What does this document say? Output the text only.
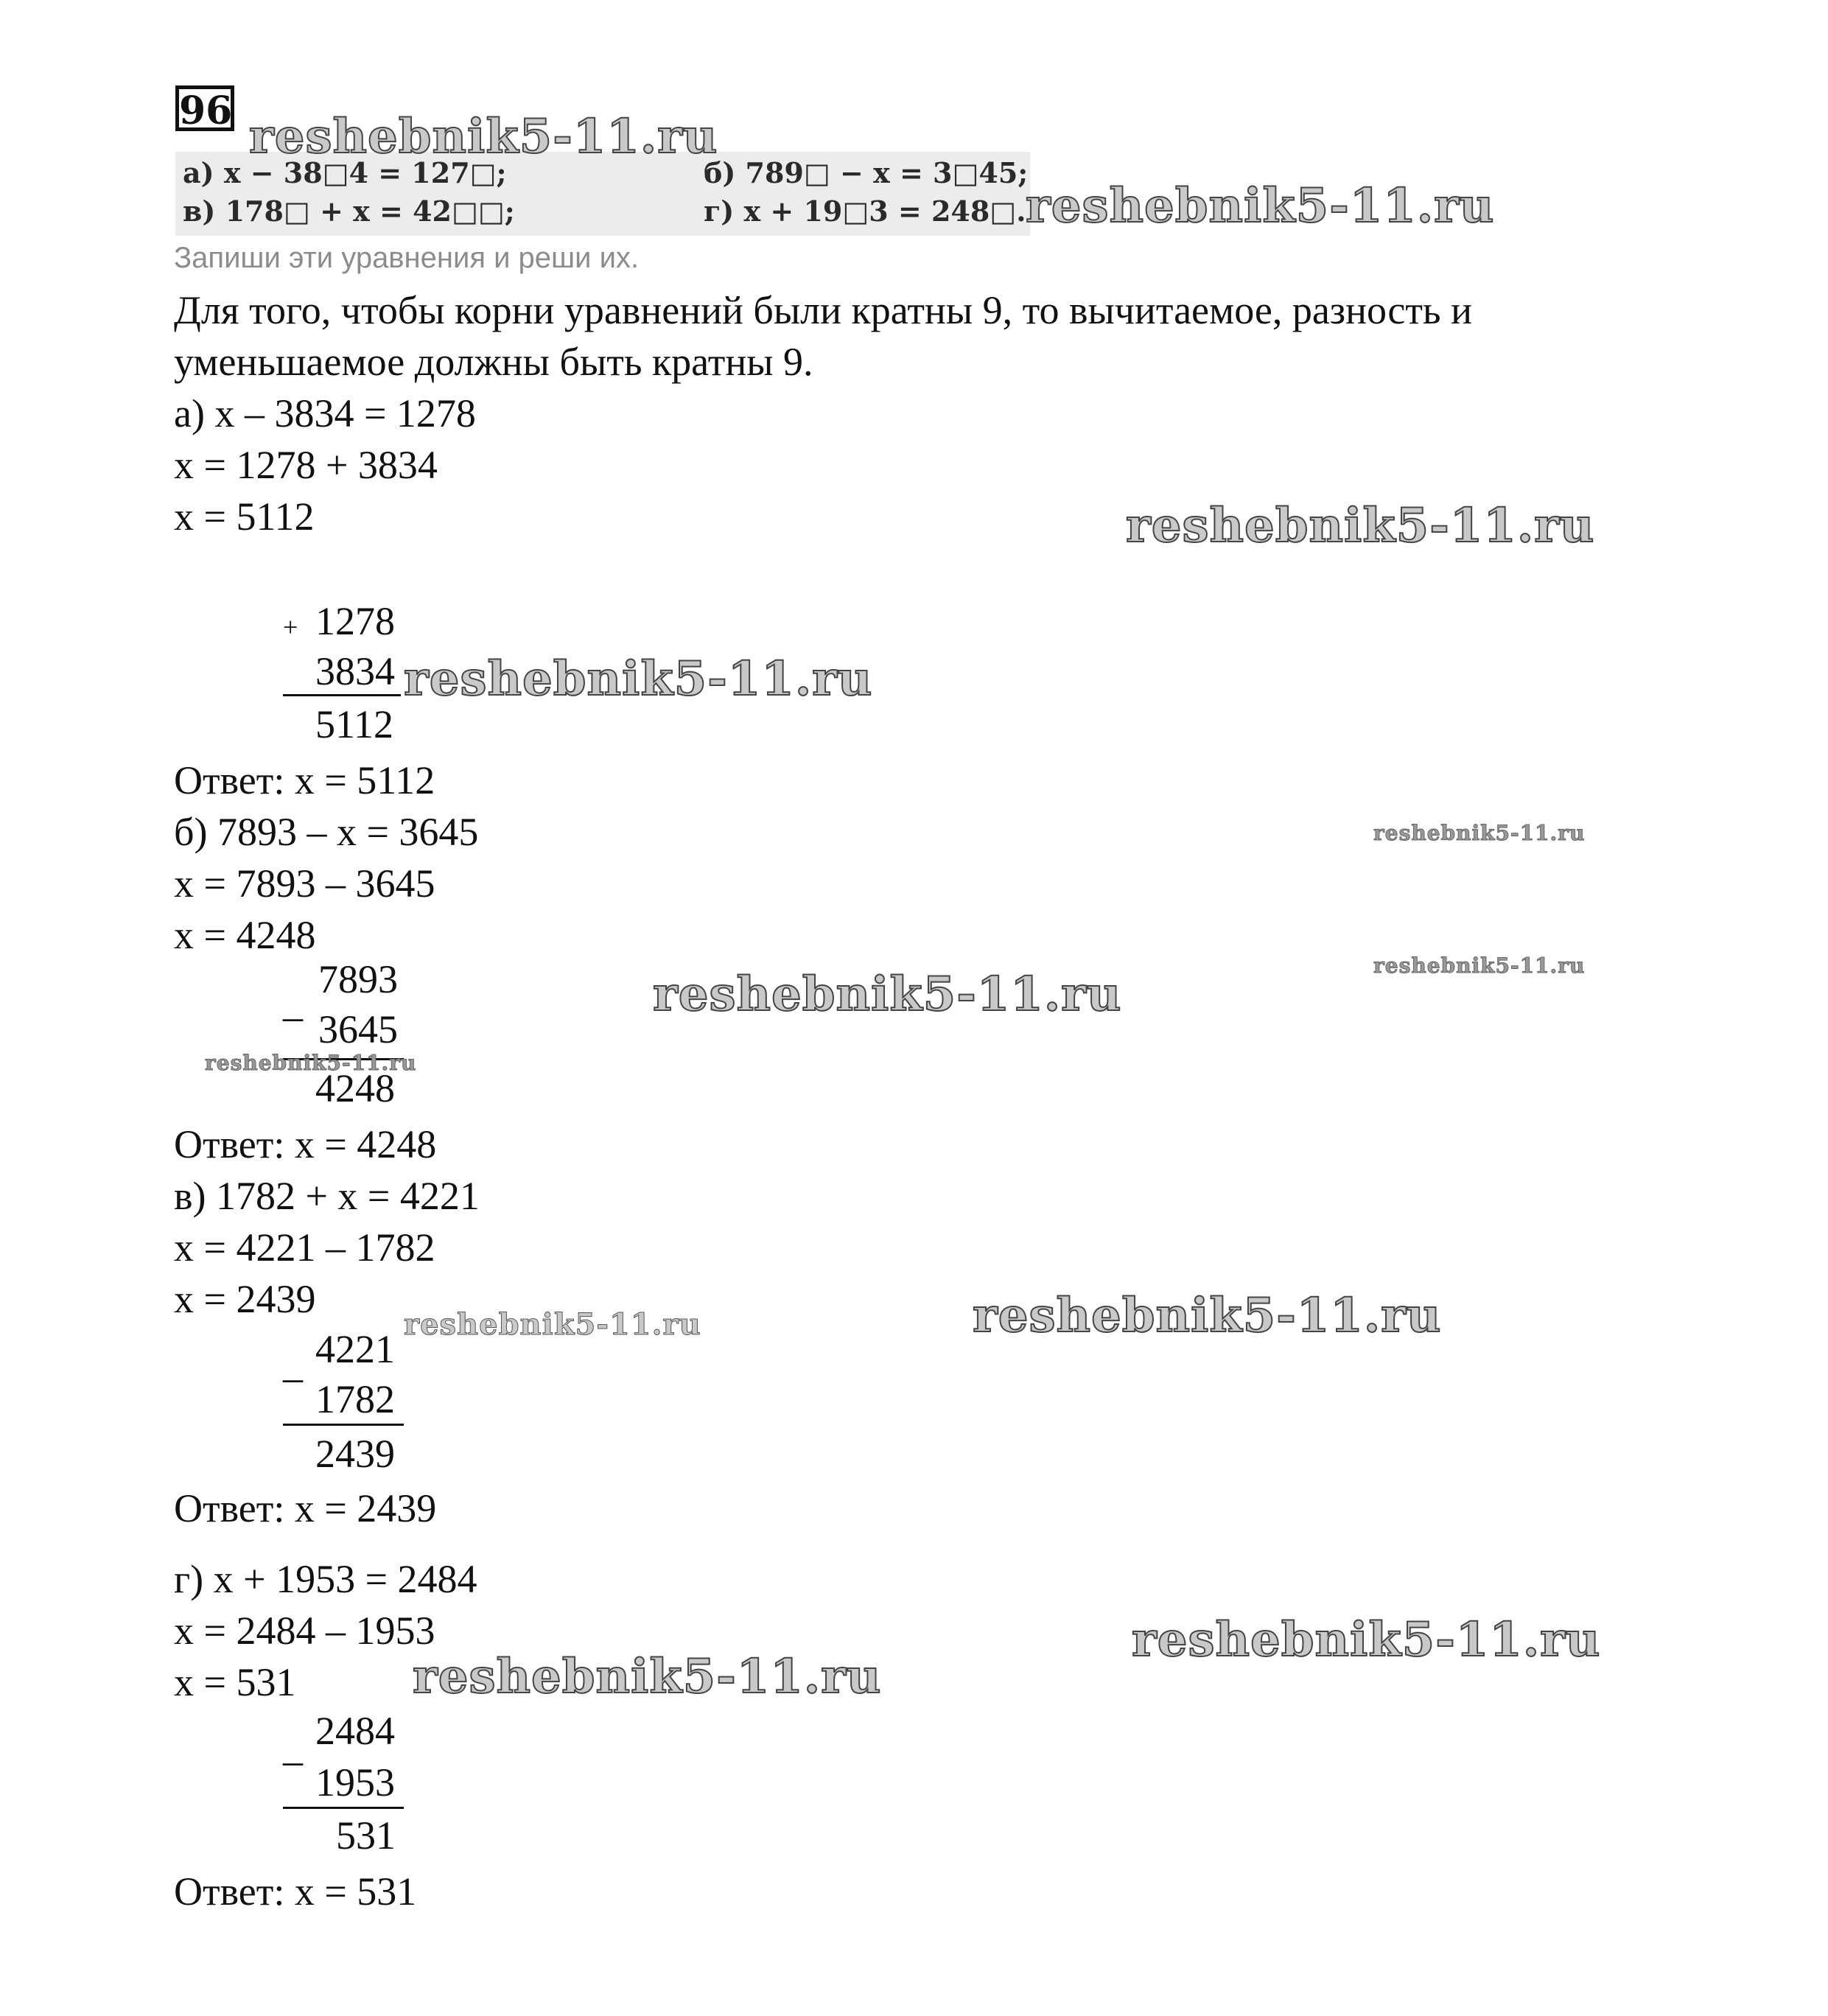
96
а) x − 38□4 = 127□;	б) 789□ − x = 3□45;
в) 178□ + x = 42□□;	г) x + 19□3 = 248□.
Запиши эти уравнения и реши их.
Для того, чтобы корни уравнений были кратны 9, то вычитаемое, разность и
уменьшаемое должны быть кратны 9.
а) x – 3834 = 1278
x = 1278 + 3834
x = 5112
+ 1278
3834
5112
Ответ: x = 5112
б) 7893 – x = 3645
x = 7893 – 3645
x = 4248
_
7893
3645
4248
Ответ: x = 4248
в) 1782 + x = 4221
x = 4221 – 1782
x = 2439
_ 4221
1782
2439
Ответ: x = 2439
г) x + 1953 = 2484
x = 2484 – 1953
x = 531
_ 2484
1953
531
Ответ: x = 531
reshebnik5-11.ru
reshebnik5-11.ru
reshebnik5-11.ru
reshebnik5-11.ru
reshebnik5-11.ru
reshebnik5-11.ru
reshebnik5-11.ru
reshebnik5-11.ru
reshebnik5-11.ru	reshebnik5-11.ru
reshebnik5-11.ru
reshebnik5-11.ru
